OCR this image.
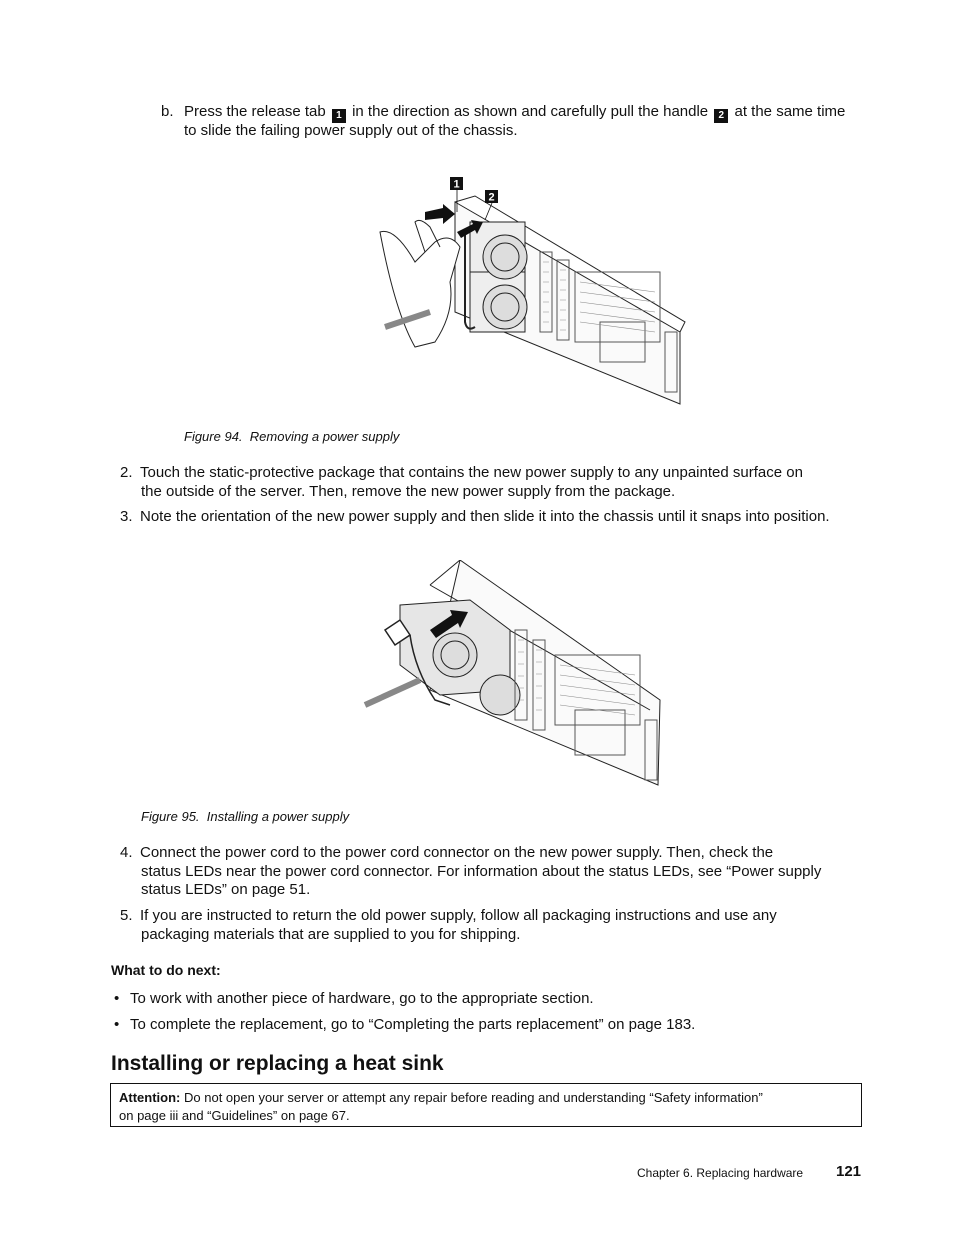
b. Press the release tab 1 in the direction as shown and carefully pull the handle 2 at the same time
to slide the failing power supply out of the chassis.
1
2
Figure 94. Removing a power supply
2. Touch the static-protective package that contains the new power supply to any unpainted surface on
the outside of the server. Then, remove the new power supply from the package.
3. Note the orientation of the new power supply and then slide it into the chassis until it snaps into position.
Figure 95. Installing a power supply
4. Connect the power cord to the power cord connector on the new power supply. Then, check the
status LEDs near the power cord connector. For information about the status LEDs, see “Power supply
status LEDs” on page 51.
5. If you are instructed to return the old power supply, follow all packaging instructions and use any
packaging materials that are supplied to you for shipping.
What to do next:
• To work with another piece of hardware, go to the appropriate section.
• To complete the replacement, go to “Completing the parts replacement” on page 183.
Installing or replacing a heat sink
Attention: Do not open your server or attempt any repair before reading and understanding “Safety information”
on page iii and “Guidelines” on page 67.
Chapter 6. Replacing hardware 121
